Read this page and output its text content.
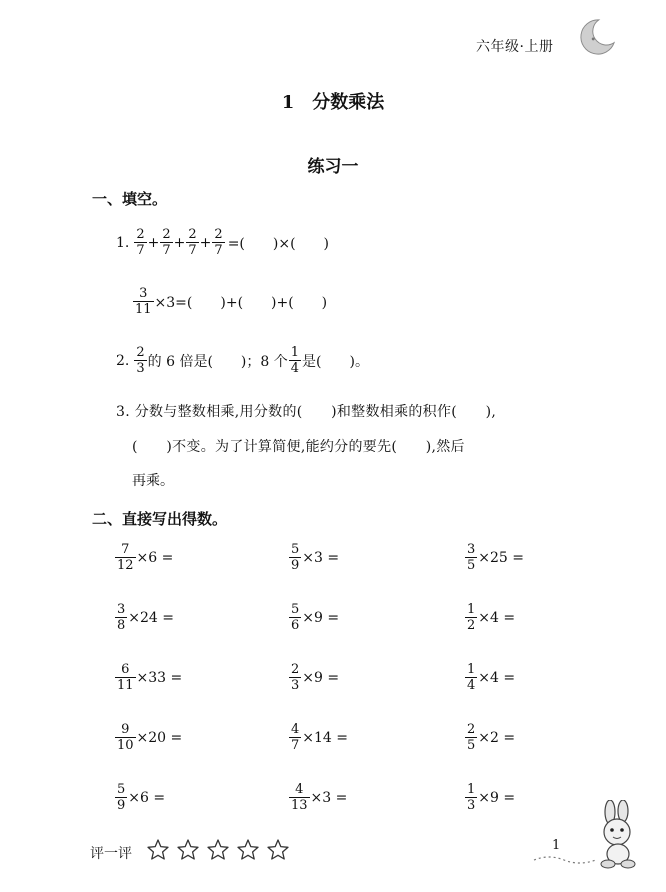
六年级·上册
1　分数乘法
练习一
一、填空。
1. $\frac{2}{7} + \frac{2}{7} + \frac{2}{7} + \frac{2}{7}$ =(　　)×(　　)
$\frac{3}{11} \times 3=$(　　)+(　　)+(　　)
2. $\frac{2}{3}$ 的 6 倍是(　　)；8 个 $\frac{1}{4}$ 是(　　)。
3. 分数与整数相乘,用分数的(　　)和整数相乘的积作(　　),
(　　)不变。为了计算简便,能约分的要先(　　),然后
再乘。
二、直接写出得数。
$\frac{7}{12} \times 6$ =	$\frac{5}{9} \times 3$ =	$\frac{3}{5} \times 25$ =
$\frac{3}{8} \times 24$ =	$\frac{5}{6} \times 9$ =	$\frac{1}{2} \times 4$ =
$\frac{6}{11} \times 33$ =	$\frac{2}{3} \times 9$ =	$\frac{1}{4} \times 4$ =
$\frac{9}{10} \times 20$ =	$\frac{4}{7} \times 14$ =	$\frac{2}{5} \times 2$ =
$\frac{5}{9} \times 6$ =	$\frac{4}{13} \times 3$ =	$\frac{1}{3} \times 9$ =
评一评
1
